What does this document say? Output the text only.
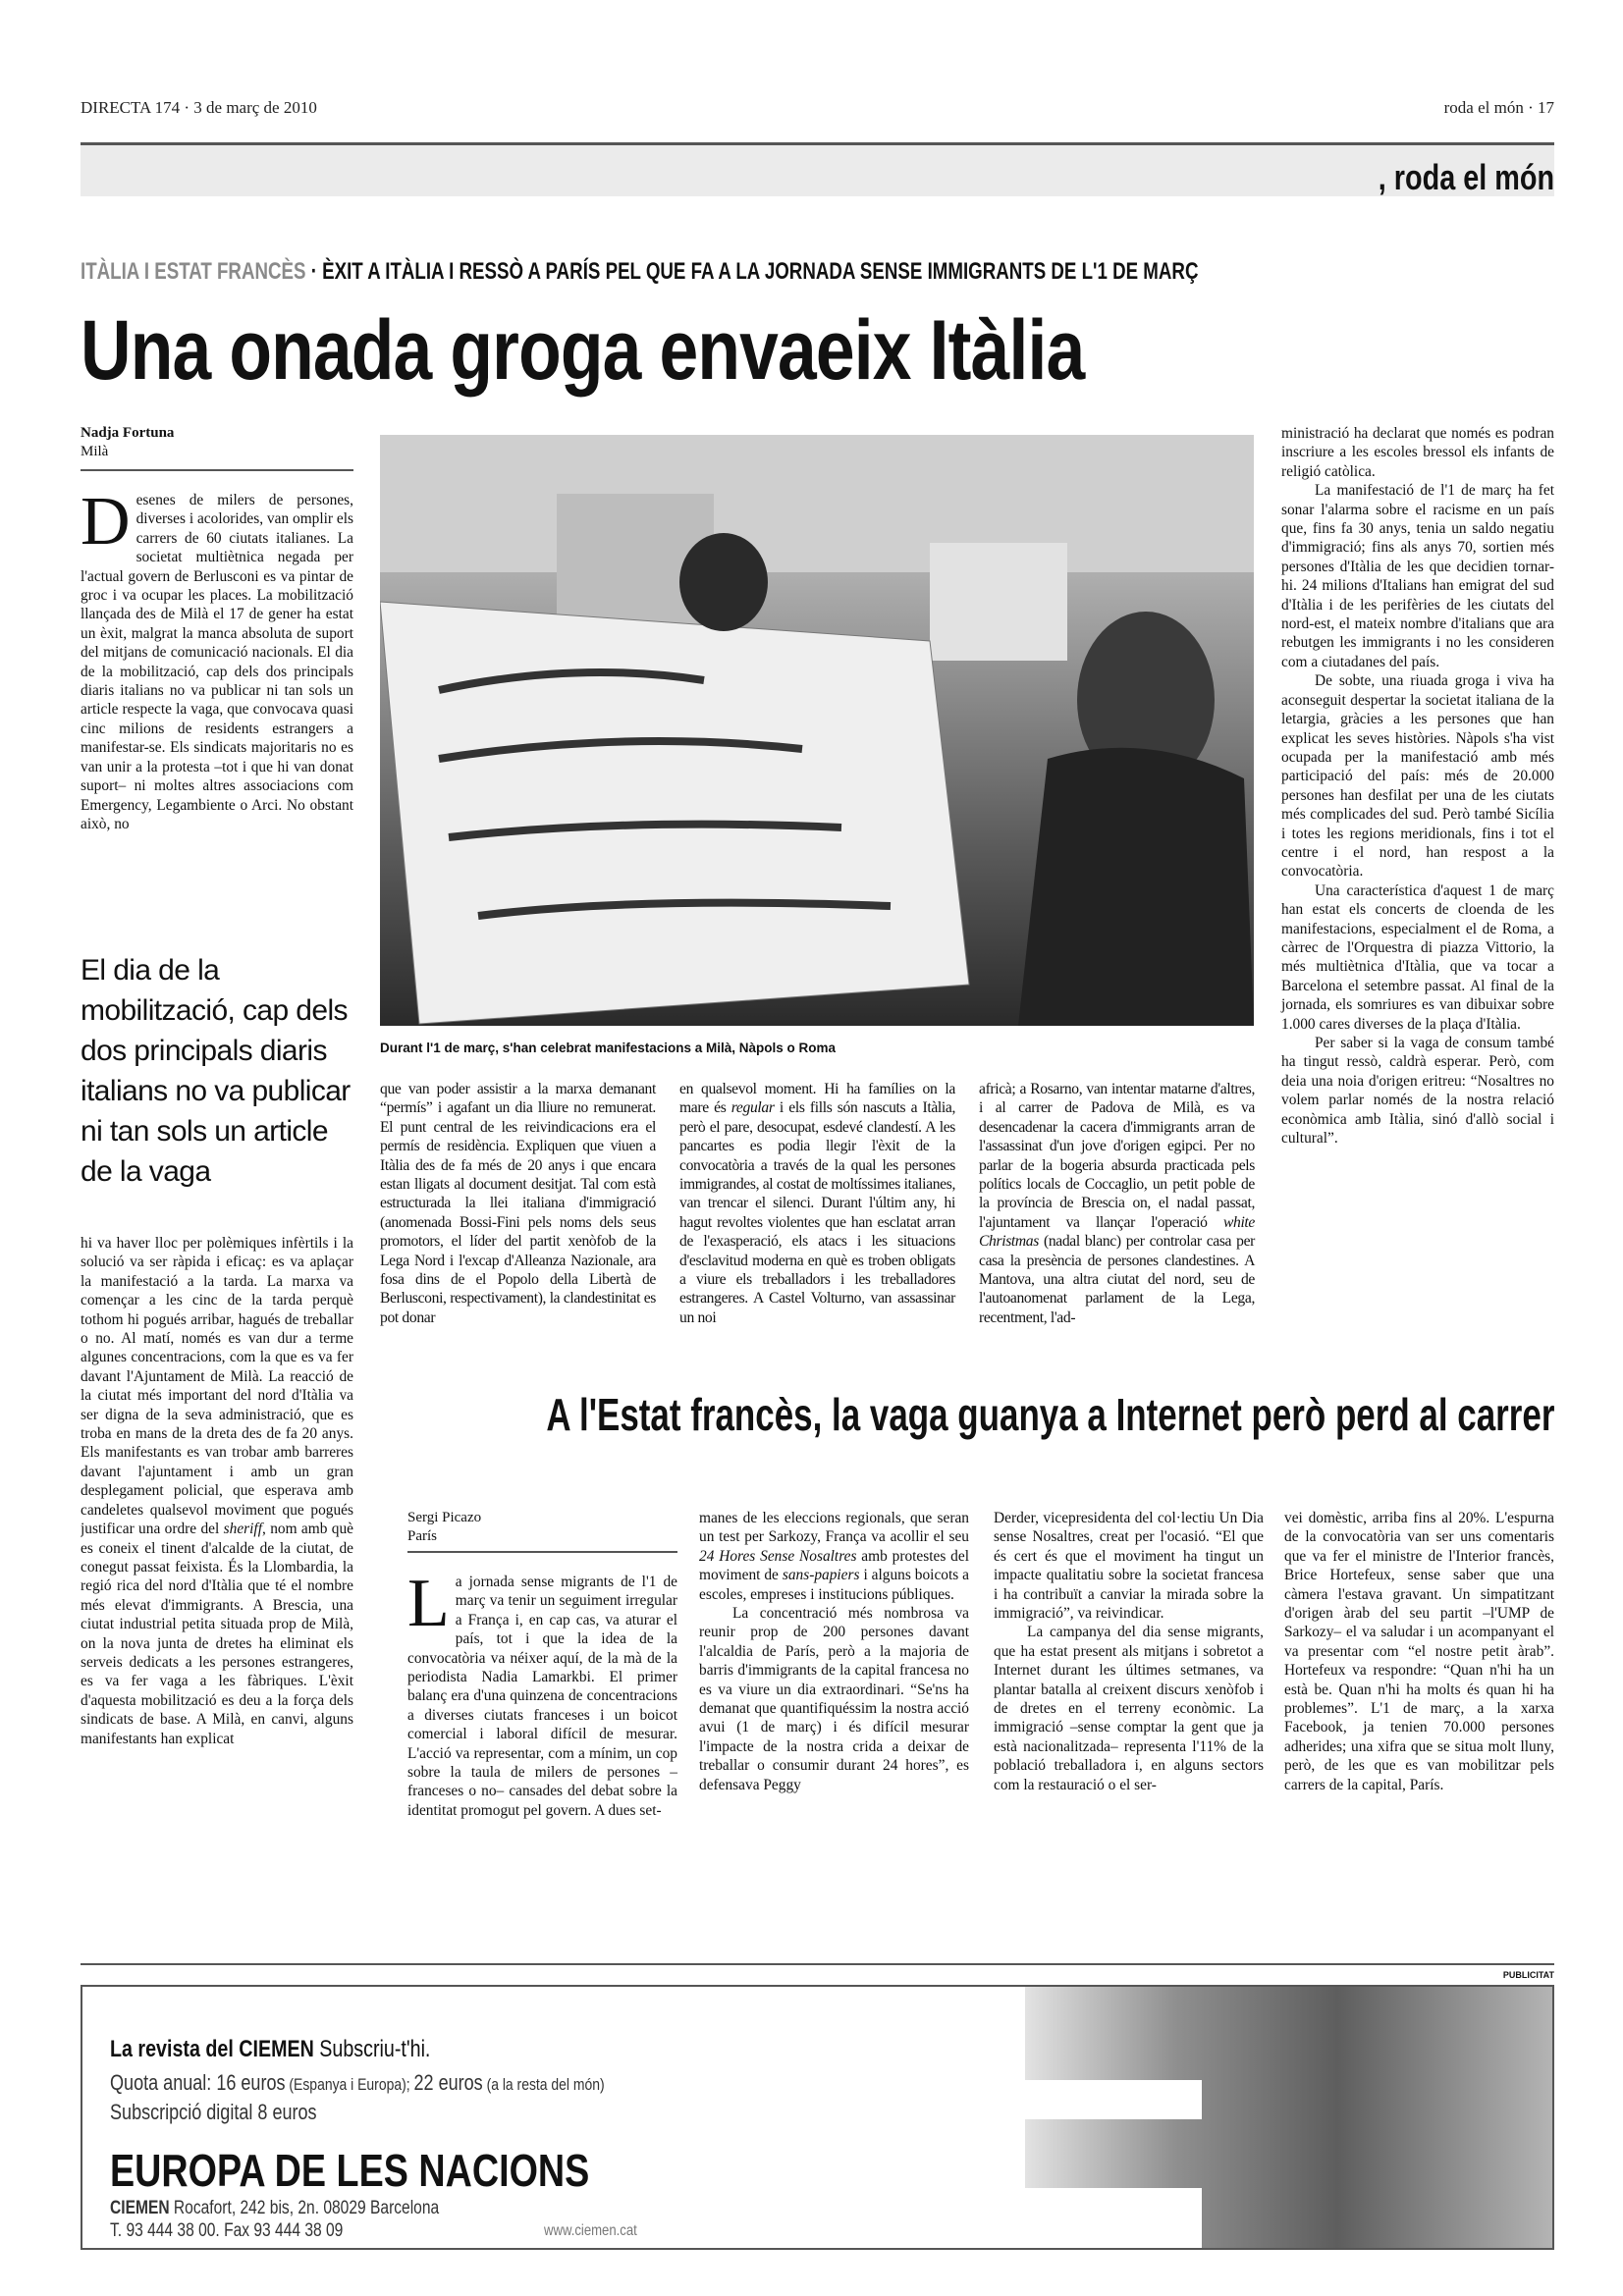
DIRECTA 174 · 3 de març de 2010	roda el món · 17
, roda el món
ITÀLIA I ESTAT FRANCÈS · ÈXIT A ITÀLIA I RESSÒ A PARÍS PEL QUE FA A LA JORNADA SENSE IMMIGRANTS DE L'1 DE MARÇ
Una onada groga envaeix Itàlia
Nadja Fortuna
Milà
D esenes de milers de persones, diverses i acolorides, van omplir els carrers de 60 ciutats italianes. La societat multiètnica negada per l'actual govern de Berlusconi es va pintar de groc i va ocupar les places. La mobilització llançada des de Milà el 17 de gener ha estat un èxit, malgrat la manca absoluta de suport del mitjans de comunicació nacionals. El dia de la mobilització, cap dels dos principals diaris italians no va publicar ni tan sols un article respecte la vaga, que convocava quasi cinc milions de residents estrangers a manifestar-se. Els sindicats majoritaris no es van unir a la protesta –tot i que hi van donat suport– ni moltes altres associacions com Emergency, Legambiente o Arci. No obstant això, no

El dia de la mobilització, cap dels dos principals diaris italians no va publicar ni tan sols un article de la vaga

hi va haver lloc per polèmiques infèrtils i la solució va ser ràpida i eficaç: es va aplaçar la manifestació a la tarda. La marxa va començar a les cinc de la tarda perquè tothom hi pogués arribar, hagués de treballar o no. Al matí, només es van dur a terme algunes concentracions, com la que es va fer davant l'Ajuntament de Milà. La reacció de la ciutat més important del nord d'Itàlia va ser digna de la seva administració, que es troba en mans de la dreta des de fa 20 anys. Els manifestants es van trobar amb barreres davant l'ajuntament i amb un gran desplegament policial, que esperava amb candeletes qualsevol moviment que pogués justificar una ordre del sheriff, nom amb què es coneix el tinent d'alcalde de la ciutat, de conegut passat feixista. És la Llombardia, la regió rica del nord d'Itàlia que té el nombre més elevat d'immigrants. A Brescia, una ciutat industrial petita situada prop de Milà, on la nova junta de dretes ha eliminat els serveis dedicats a les persones estrangeres, es va fer vaga a les fàbriques. L'èxit d'aquesta mobilització es deu a la força dels sindicats de base. A Milà, en canvi, alguns manifestants han explicat

Durant l'1 de març, s'han celebrat manifestacions a Milà, Nàpols o Roma

que van poder assistir a la marxa demanant “permís” i agafant un dia lliure no remunerat. El punt central de les reivindicacions era el permís de residència. Expliquen que viuen a Itàlia des de fa més de 20 anys i que encara estan lligats al document desitjat. Tal com està estructurada la llei italiana d'immigració (anomenada Bossi-Fini pels noms dels seus promotors, el líder del partit xenòfob de la Lega Nord i l'excap d'Alleanza Nazionale, ara fosa dins de el Popolo della Libertà de Berlusconi, respectivament), la clandestinitat es pot donar

en qualsevol moment. Hi ha famílies on la mare és regular i els fills són nascuts a Itàlia, però el pare, desocupat, esdevé clandestí. A les pancartes es podia llegir l'èxit de la convocatòria a través de la qual les persones immigrandes, al costat de moltíssimes italianes, van trencar el silenci. Durant l'últim any, hi hagut revoltes violentes que han esclatat arran de l'exasperació, els atacs i les situacions d'esclavitud moderna en què es troben obligats a viure els treballadors i les treballadores estrangeres. A Castel Volturno, van assassinar un noi

africà; a Rosarno, van intentar matarne d'altres, i al carrer de Padova de Milà, es va desencadenar la cacera d'immigrants arran de l'assassinat d'un jove d'origen egipci. Per no parlar de la bogeria absurda practicada pels polítics locals de Coccaglio, un petit poble de la província de Brescia on, el nadal passat, l'ajuntament va llançar l'operació white Christmas (nadal blanc) per controlar casa per casa la presència de persones clandestines. A Mantova, una altra ciutat del nord, seu de l'autoanomenat parlament de la Lega, recentment, l'ad-

ministració ha declarat que només es podran inscriure a les escoles bressol els infants de religió catòlica.

La manifestació de l'1 de març ha fet sonar l'alarma sobre el racisme en un país que, fins fa 30 anys, tenia un saldo negatiu d'immigració; fins als anys 70, sortien més persones d'Itàlia de les que decidien tornar-hi. 24 milions d'Italians han emigrat del sud d'Itàlia i de les perifèries de les ciutats del nord-est, el mateix nombre d'italians que ara rebutgen les immigrants i no les consideren com a ciutadanes del país.

De sobte, una riuada groga i viva ha aconseguit despertar la societat italiana de la letargia, gràcies a les persones que han explicat les seves històries. Nàpols s'ha vist ocupada per la manifestació amb més participació del país: més de 20.000 persones han desfilat per una de les ciutats més complicades del sud. Però també Sicília i totes les regions meridionals, fins i tot el centre i el nord, han respost a la convocatòria.

Una característica d'aquest 1 de març han estat els concerts de cloenda de les manifestacions, especialment el de Roma, a càrrec de l'Orquestra di piazza Vittorio, la més multiètnica d'Itàlia, que va tocar a Barcelona el setembre passat. Al final de la jornada, els somriures es van dibuixar sobre 1.000 cares diverses de la plaça d'Itàlia.

Per saber si la vaga de consum també ha tingut ressò, caldrà esperar. Però, com deia una noia d'origen eritreu: “Nosaltres no volem parlar només de la nostra relació econòmica amb Itàlia, sinó d'allò social i cultural”.

A l'Estat francès, la vaga guanya a Internet però perd al carrer
Sergi Picazo
París
L a jornada sense migrants de l'1 de març va tenir un seguiment irregular a França i, en cap cas, va aturar el país, tot i que la idea de la convocatòria va néixer aquí, de la mà de la periodista Nadia Lamarkbi. El primer balanç era d'una quinzena de concentracions a diverses ciutats franceses i un boicot comercial i laboral difícil de mesurar. L'acció va representar, com a mínim, un cop sobre la taula de milers de persones –franceses o no– cansades del debat sobre la identitat promogut pel govern. A dues set-

manes de les eleccions regionals, que seran un test per Sarkozy, França va acollir el seu 24 Hores Sense Nosaltres amb protestes del moviment de sans-papiers i alguns boicots a escoles, empreses i institucions públiques.

La concentració més nombrosa va reunir prop de 200 persones davant l'alcaldia de París, però a la majoria de barris d'immigrants de la capital francesa no es va viure un dia extraordinari. “Se'ns ha demanat que quantifiquéssim la nostra acció avui (1 de març) i és difícil mesurar l'impacte de la nostra crida a deixar de treballar o consumir durant 24 hores”, es defensava Peggy

Derder, vicepresidenta del col·lectiu Un Dia sense Nosaltres, creat per l'ocasió. “El que és cert és que el moviment ha tingut un impacte qualitatiu sobre la societat francesa i ha contribuït a canviar la mirada sobre la immigració”, va reivindicar.

La campanya del dia sense migrants, que ha estat present als mitjans i sobretot a Internet durant les últimes setmanes, va plantar batalla al creixent discurs xenòfob i de dretes en el terreny econòmic. La immigració –sense comptar la gent que ja està nacionalitzada– representa l'11% de la població treballadora i, en alguns sectors com la restauració o el ser-

vei domèstic, arriba fins al 20%. L'espurna de la convocatòria van ser uns comentaris que va fer el ministre de l'Interior francès, Brice Hortefeux, sense saber que una càmera l'estava gravant. Un simpatitzant d'origen àrab del seu partit –l'UMP de Sarkozy– el va saludar i un acompanyant el va presentar com “el nostre petit àrab”. Hortefeux va respondre: “Quan n'hi ha un està be. Quan n'hi ha molts és quan hi ha problemes”. L'1 de març, a la xarxa Facebook, ja tenien 70.000 persones adherides; una xifra que se situa molt lluny, però, de les que es van mobilitzar pels carrers de la capital, París.

PUBLICITAT
La revista del CIEMEN Subscriu-t'hi.
Quota anual: 16 euros (Espanya i Europa); 22 euros (a la resta del món)
Subscripció digital 8 euros
EUROPA DE LES NACIONS
CIEMEN Rocafort, 242 bis, 2n. 08029 Barcelona
T. 93 444 38 00. Fax 93 444 38 09	www.ciemen.cat
